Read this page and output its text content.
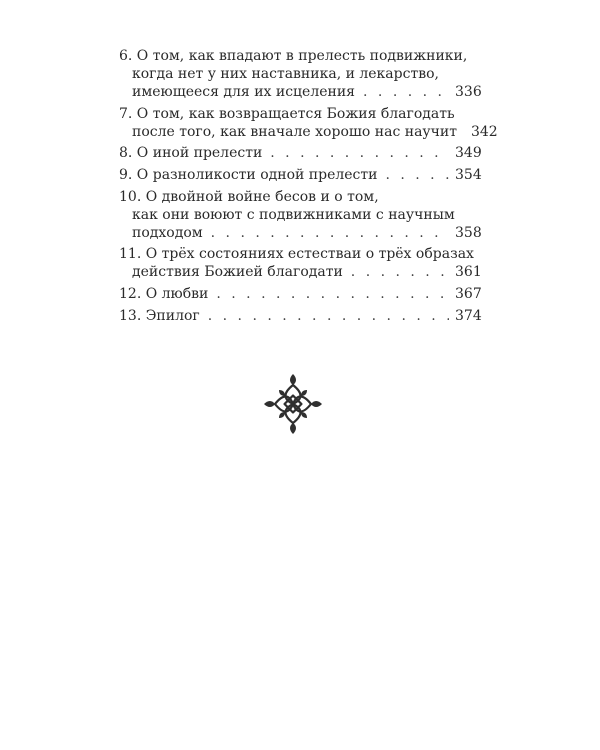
6. О том, как впадают в прелесть подвижники,
когда нет у них наставника, и лекарство,
имеющееся для их исцеления . . .	336
7. О том, как возвращается Божия благодать
после того, как вначале хорошо нас научит 342
8. О иной прелести . . .	349
9. О разноликости одной прелести . . .	354
10. О двойной войне бесов и о том,
как они воюют с подвижниками с научным
подходом . . .	358
11. О трёх состояниях естестваи о трёх образах
действия Божией благодати . . .	361
12. О любви . . .	367
13. Эпилог . . .	374
